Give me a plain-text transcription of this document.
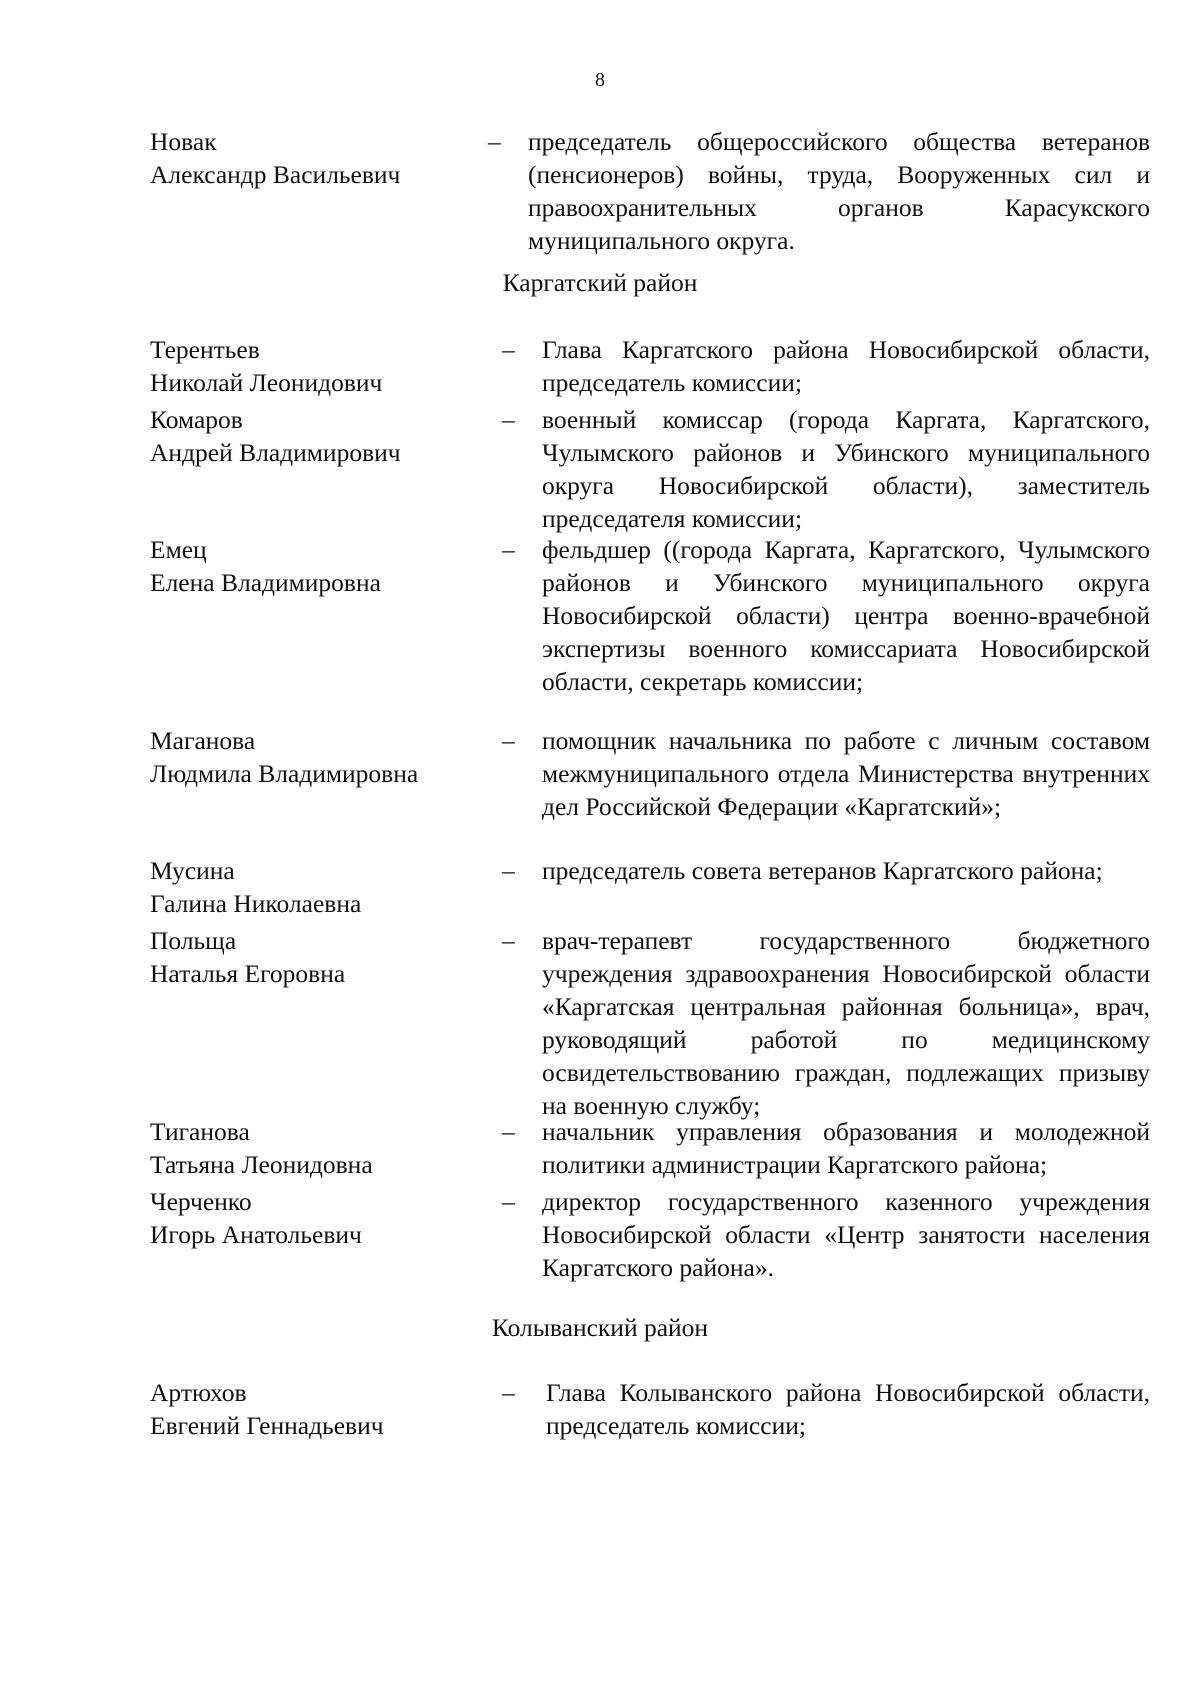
8
Новак
Александр Васильевич
–	председатель общероссийского общества ветеранов (пенсионеров) войны, труда, Вооруженных сил и правоохранительных органов Карасукского муниципального округа.
Каргатский район
Терентьев
Николай Леонидович
–	Глава Каргатского района Новосибирской области, председатель комиссии;
Комаров
Андрей Владимирович
–	военный комиссар (города Каргата, Каргатского, Чулымского районов и Убинского муниципального округа Новосибирской области), заместитель председателя комиссии;
Емец
Елена Владимировна
–	фельдшер ((города Каргата, Каргатского, Чулымского районов и Убинского муниципального округа Новосибирской области) центра военно-врачебной экспертизы военного комиссариата Новосибирской области, секретарь комиссии;
Маганова
Людмила Владимировна
–	помощник начальника по работе с личным составом межмуниципального отдела Министерства внутренних дел Российской Федерации «Каргатский»;
Мусина
Галина Николаевна
–	председатель совета ветеранов Каргатского района;
Польща
Наталья Егоровна
–	врач-терапевт государственного бюджетного учреждения здравоохранения Новосибирской области «Каргатская центральная районная больница», врач, руководящий работой по медицинскому освидетельствованию граждан, подлежащих призыву на военную службу;
Тиганова
Татьяна Леонидовна
–	начальник управления образования и молодежной политики администрации Каргатского района;
Черченко
Игорь Анатольевич
–	директор государственного казенного учреждения Новосибирской области «Центр занятости населения Каргатского района».
Колыванский район
Артюхов
Евгений Геннадьевич
–	Глава Колыванского района Новосибирской области, председатель комиссии;
